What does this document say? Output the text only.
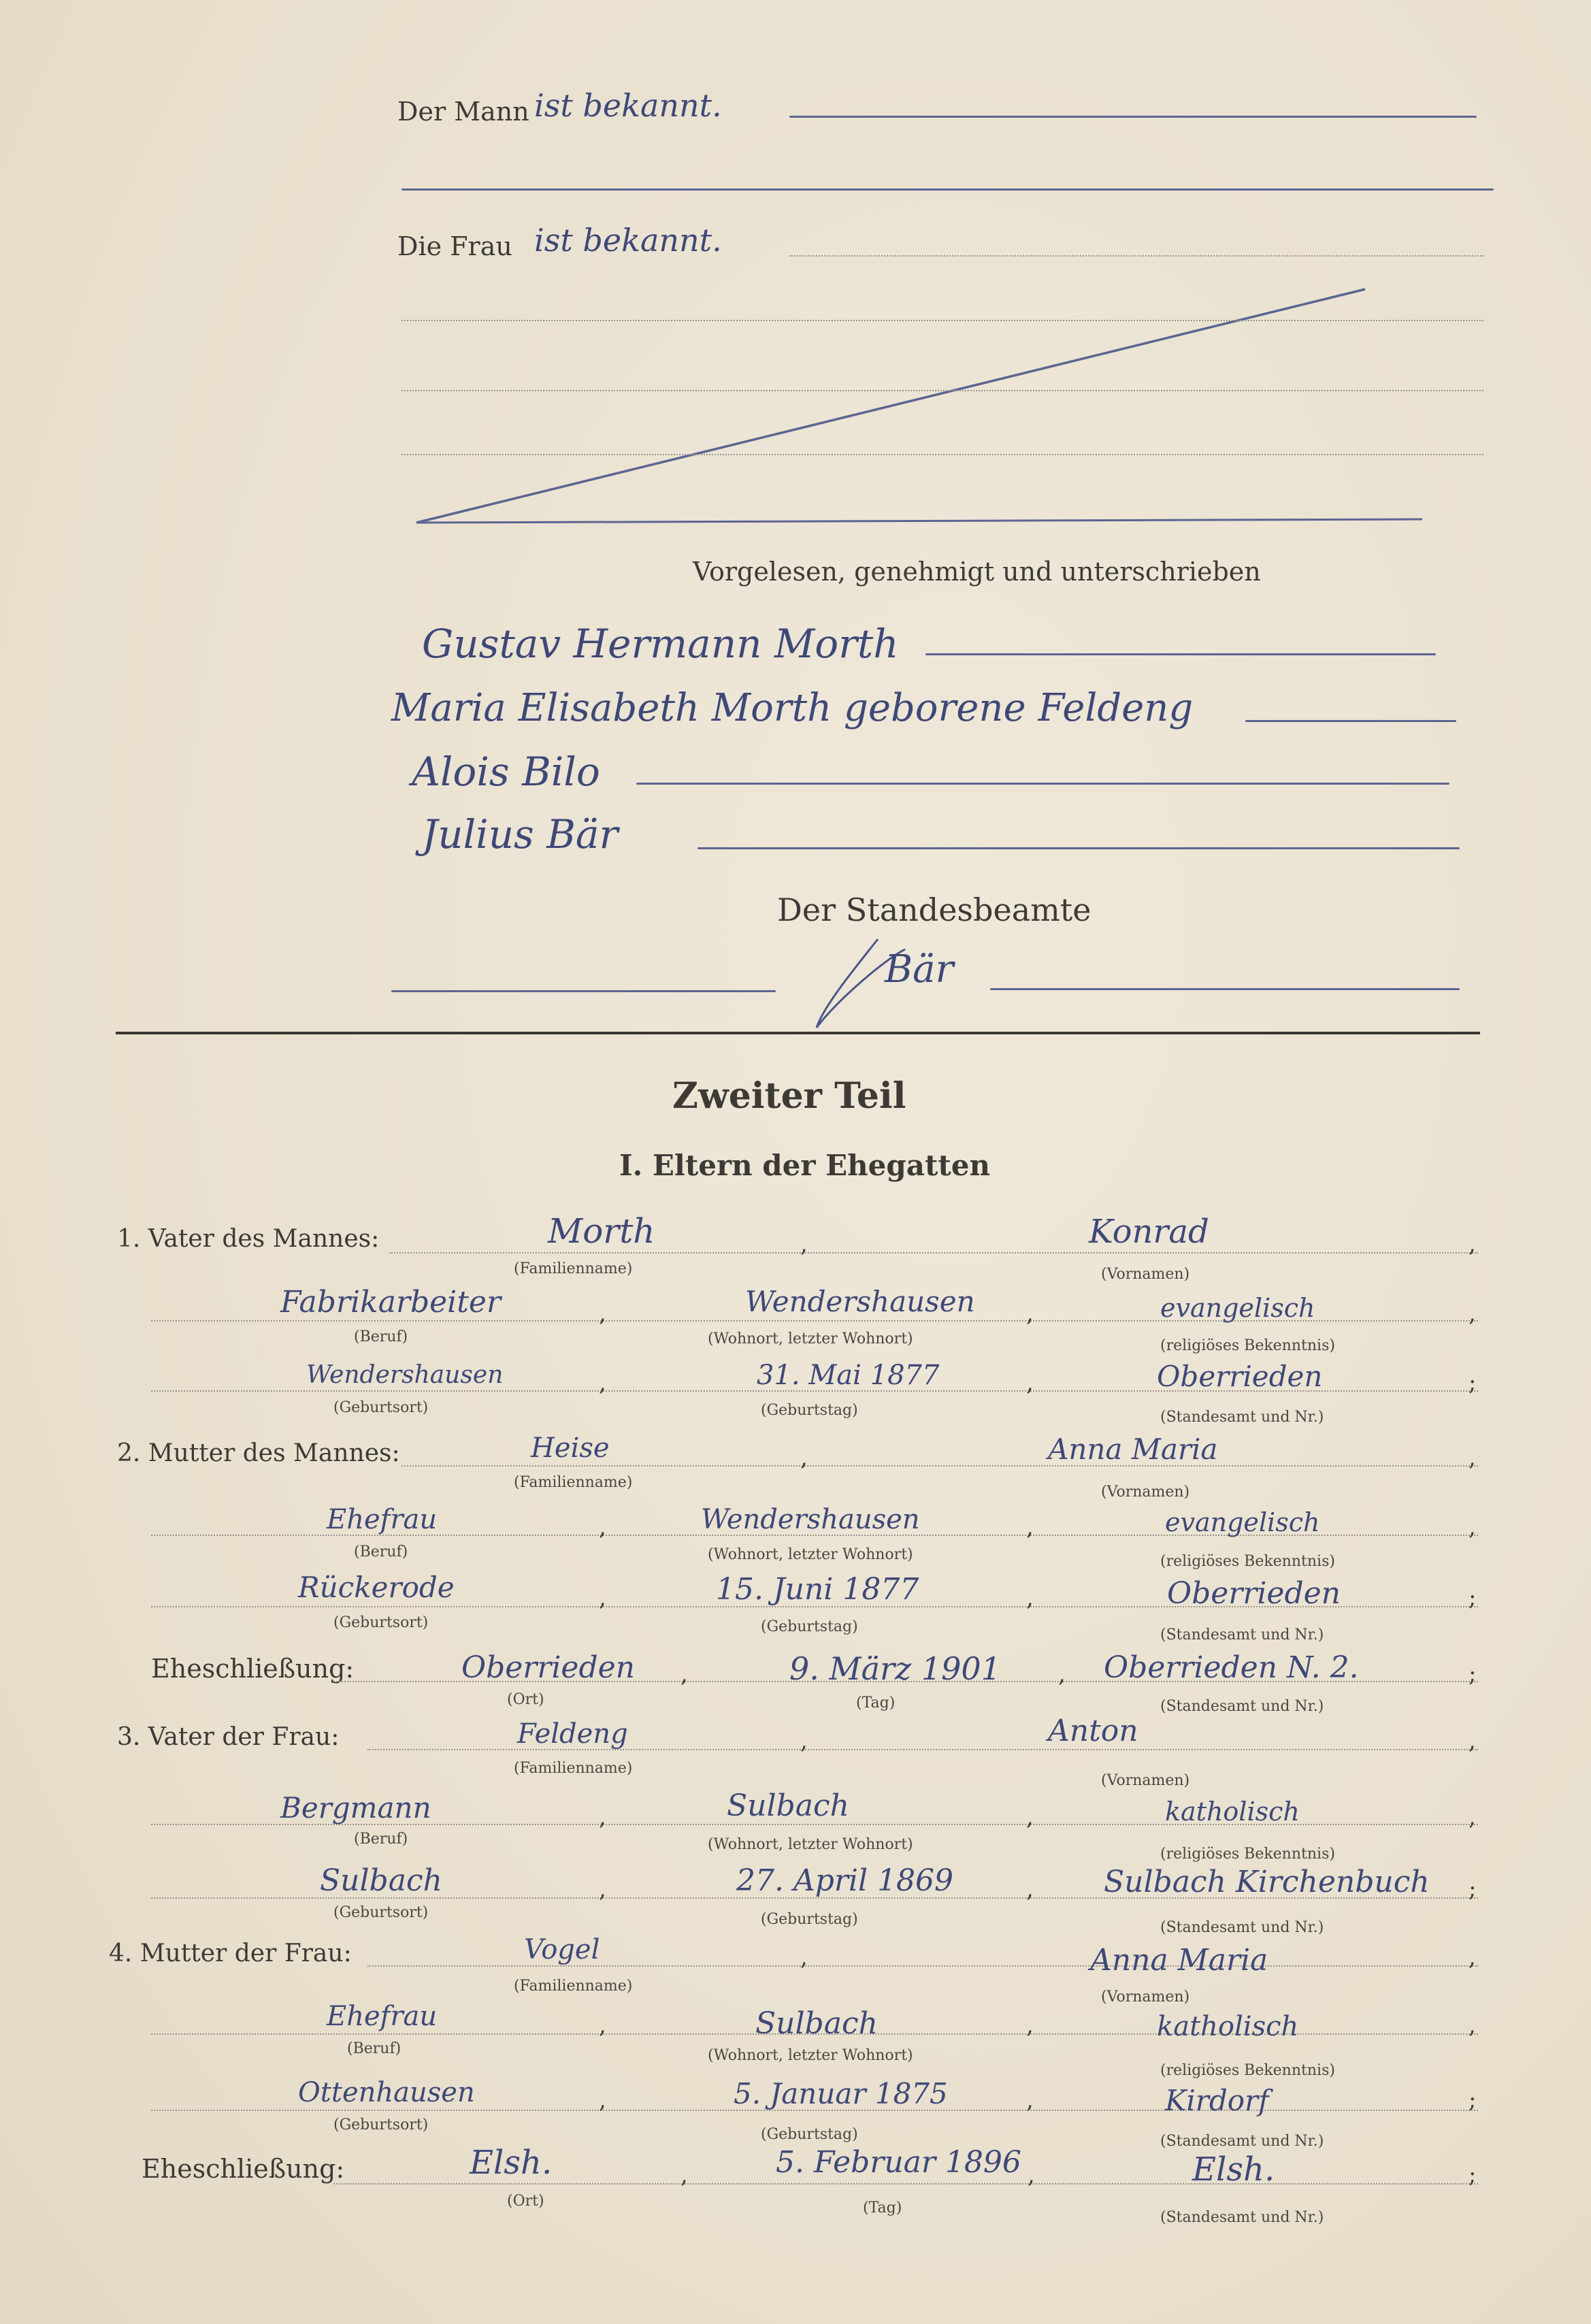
Der Mann ist bekannt.
Die Frau ist bekannt.
Vorgelesen, genehmigt und unterschrieben
Gustav Hermann Morth
Maria Elisabeth Morth geborene Feldeng
Alois Bilo
Julius Bär
Der Standesbeamte
Bär
Zweiter Teil
I. Eltern der Ehegatten
1. Vater des Mannes:	Morth
(Familienname)
,	Konrad
(Vornamen)
,
Fabrikarbeiter
(Beruf)
,	Wendershausen
(Wohnort, letzter Wohnort)
,	evangelisch
(religiöses Bekenntnis)
,
Wendershausen
(Geburtsort)
,	31. Mai 1877
(Geburtstag)
,	Oberrieden
(Standesamt und Nr.)
;
2. Mutter des Mannes:	Heise
(Familienname)
,	Anna Maria
(Vornamen)
,
Ehefrau
(Beruf)
,	Wendershausen
(Wohnort, letzter Wohnort)
,	evangelisch
(religiöses Bekenntnis)
,
Rückerode
(Geburtsort)
,	15. Juni 1877
(Geburtstag)
,	Oberrieden
(Standesamt und Nr.)
;
Eheschließung:	Oberrieden
(Ort)
,	9. März 1901
(Tag)
, Oberrieden N. 2.
(Standesamt und Nr.)
;
3. Vater der Frau:	Feldeng
(Familienname)
,	Anton
(Vornamen)
,
Bergmann
(Beruf)
,	Sulbach
(Wohnort, letzter Wohnort)
,	katholisch
(religiöses Bekenntnis)
,
Sulbach
(Geburtsort)
,	27. April 1869
(Geburtstag)
, Sulbach Kirchenbuch
(Standesamt und Nr.)
;
4. Mutter der Frau:	Vogel
(Familienname)
,	Anna Maria
(Vornamen)
,
Ehefrau
(Beruf)
,	Sulbach
(Wohnort, letzter Wohnort)
,	katholisch
(religiöses Bekenntnis)
,
Ottenhausen
(Geburtsort)
,	5. Januar 1875
(Geburtstag)
,	Kirdorf
(Standesamt und Nr.)
;
Eheschließung:	Elsh.
(Ort)
,	5. Februar 1896
(Tag)
,	Elsh.
(Standesamt und Nr.)
;
